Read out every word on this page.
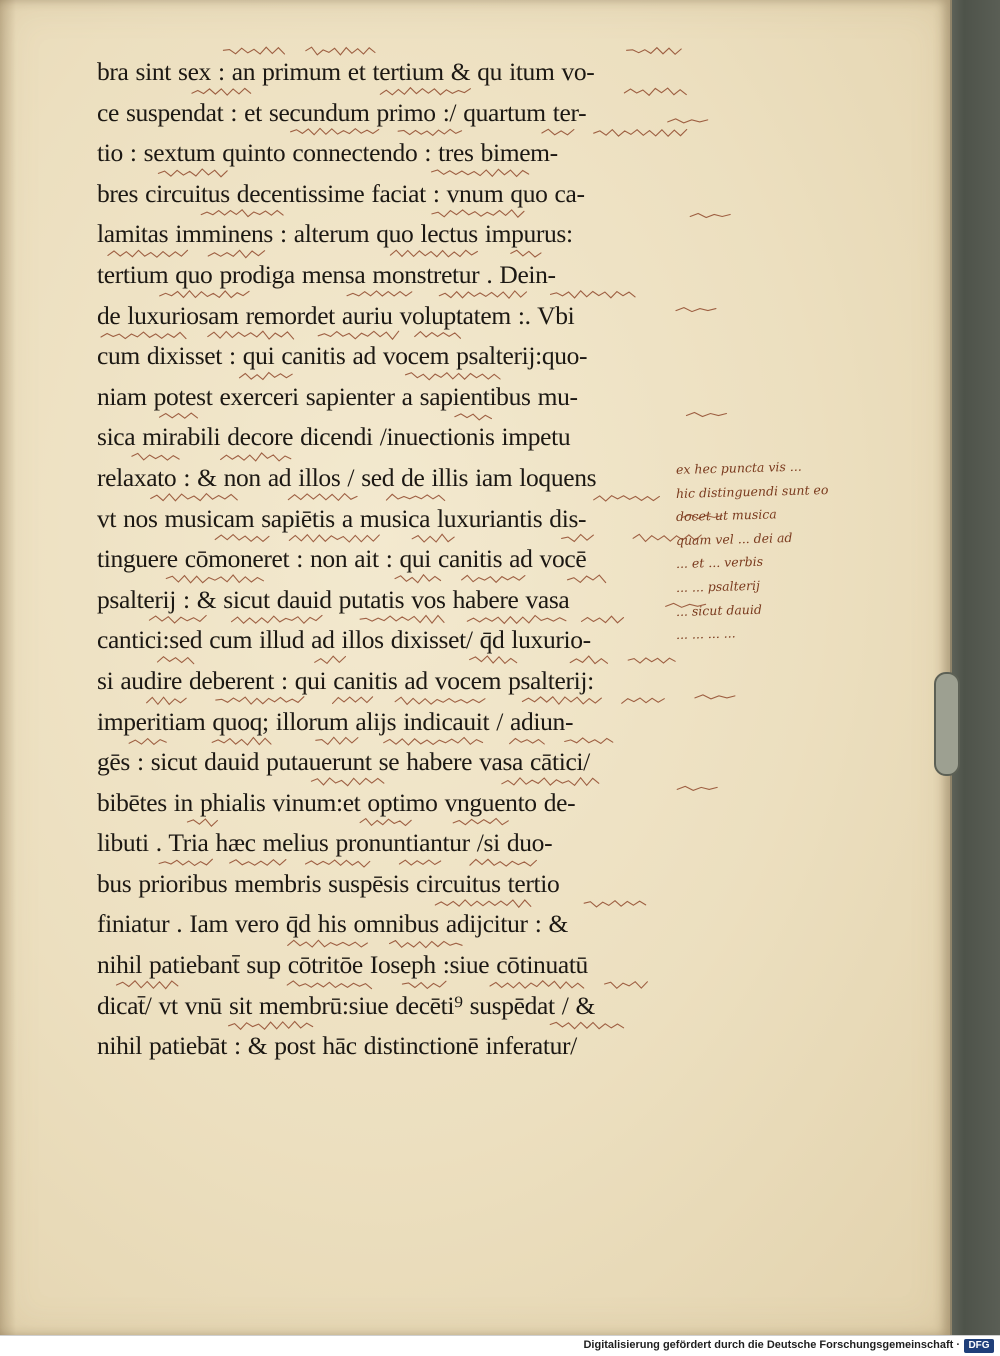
bra sint sex : an primum et tertium & qu itum vo-
ce suspendat : et secundum primo :/ quartum ter-
tio : sextum quinto connectendo : tres bimem-
bres circuitus decentissime faciat : vnum quo ca-
lamitas imminens : alterum quo lectus impurus:
tertium quo prodiga mensa monstretur . Dein-
de luxuriosam remordet auriu voluptatem :. Vbi
cum dixisset : qui canitis ad vocem psalterij:quo-
niam potest exerceri sapienter a sapientibus mu-
sica mirabili decore dicendi /inuectionis impetu
relaxato : & non ad illos / sed de illis iam loquens
vt nos musicam sapiētis a musica luxuriantis dis-
tinguere cōmoneret : non ait : qui canitis ad vocē
psalterij : & sicut dauid putatis vos habere vasa
cantici:sed cum illud ad illos dixisset/ q̄d luxurio-
si audire deberent : qui canitis ad vocem psalterij:
imperitiam quoq; illorum alijs indicauit / adiun-
gēs : sicut dauid putauerunt se habere vasa cātici/
bibētes in phialis vinum:et optimo vnguento de-
libuti . Tria hæc melius pronuntiantur /si duo-
bus prioribus membris suspēsis circuitus tertio
finiatur . Iam vero q̄d his omnibus adijcitur : &
nihil patiebant̄ sup cōtritōe Ioseph :siue cōtinuatū
dicat̄/ vt vnū sit membrū:siue decēti⁹ suspēdat / &
nihil patiebāt : & post hāc distinctionē inferatur/
ex hec puncta vis ...
hic distinguendi sunt eo
docet ut musica
quam vel ... dei ad
... et ... verbis
... ... psalterij
... sicut dauid
... ... ... ...
Digitalisierung gefördert durch die Deutsche Forschungsgemeinschaft · DFG
